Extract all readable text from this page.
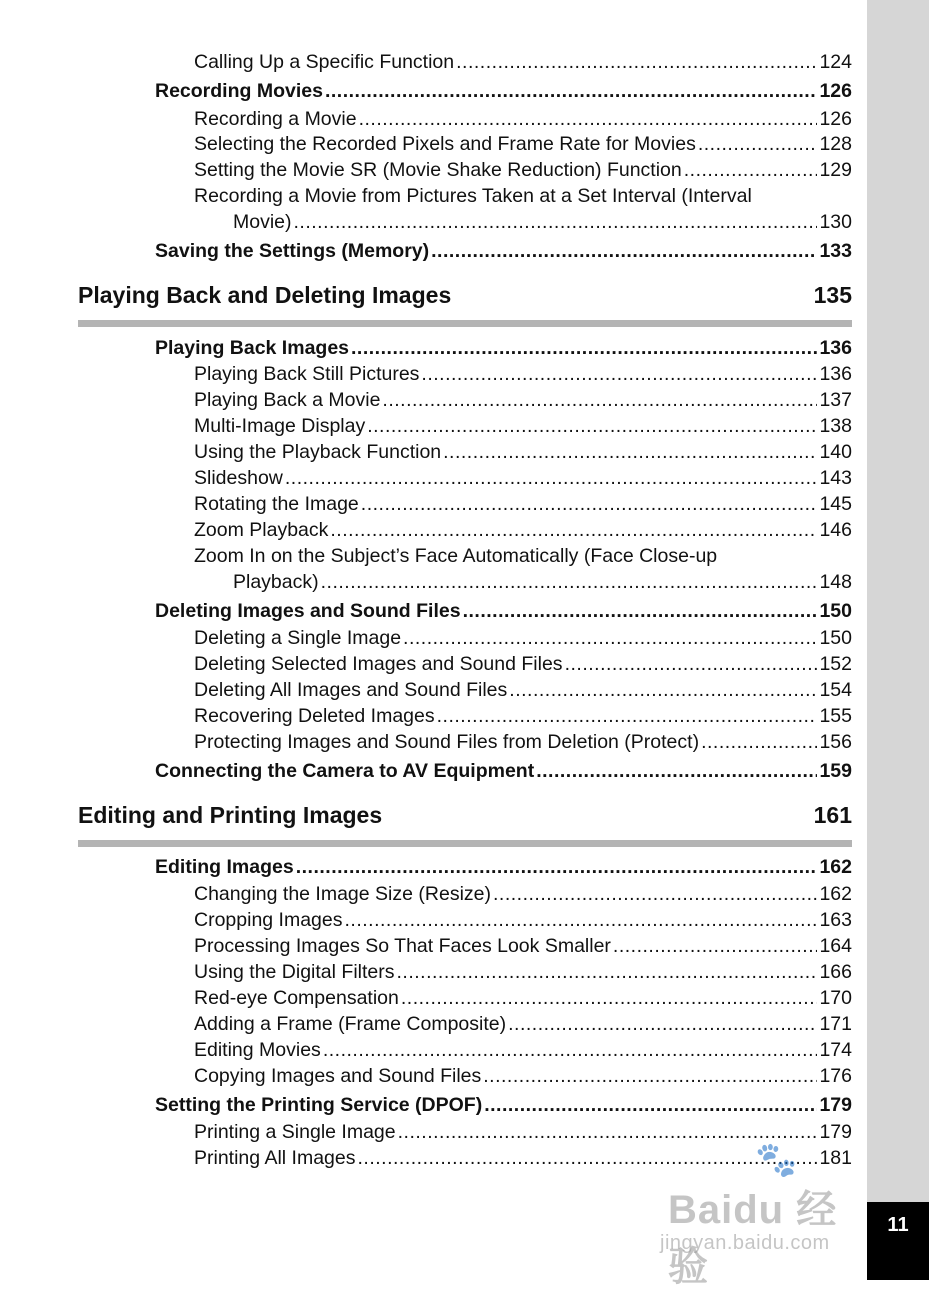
11
Calling Up a Specific Function .....	124
Recording Movies .....	126
Recording a Movie .....	126
Selecting the Recorded Pixels and Frame Rate for Movies .....	128
Setting the Movie SR (Movie Shake Reduction) Function .....	129
Recording a Movie from Pictures Taken at a Set Interval (Interval
Movie) .....	130
Saving the Settings (Memory) .....	133
Playing Back and Deleting Images	135
Playing Back Images .....	136
Playing Back Still Pictures .....	136
Playing Back a Movie .....	137
Multi-Image Display .....	138
Using the Playback Function .....	140
Slideshow .....	143
Rotating the Image .....	145
Zoom Playback .....	146
Zoom In on the Subject’s Face Automatically (Face Close-up
Playback) .....	148
Deleting Images and Sound Files .....	150
Deleting a Single Image .....	150
Deleting Selected Images and Sound Files .....	152
Deleting All Images and Sound Files .....	154
Recovering Deleted Images .....	155
Protecting Images and Sound Files from Deletion (Protect) .....	156
Connecting the Camera to AV Equipment .....	159
Editing and Printing Images	161
Editing Images .....	162
Changing the Image Size (Resize) .....	162
Cropping Images .....	163
Processing Images So That Faces Look Smaller .....	164
Using the Digital Filters .....	166
Red-eye Compensation .....	170
Adding a Frame (Frame Composite) .....	171
Editing Movies .....	174
Copying Images and Sound Files .....	176
Setting the Printing Service (DPOF) .....	179
Printing a Single Image .....	179
Printing All Images .....	181
🐾
Baidu 经验
jingyan.baidu.com
